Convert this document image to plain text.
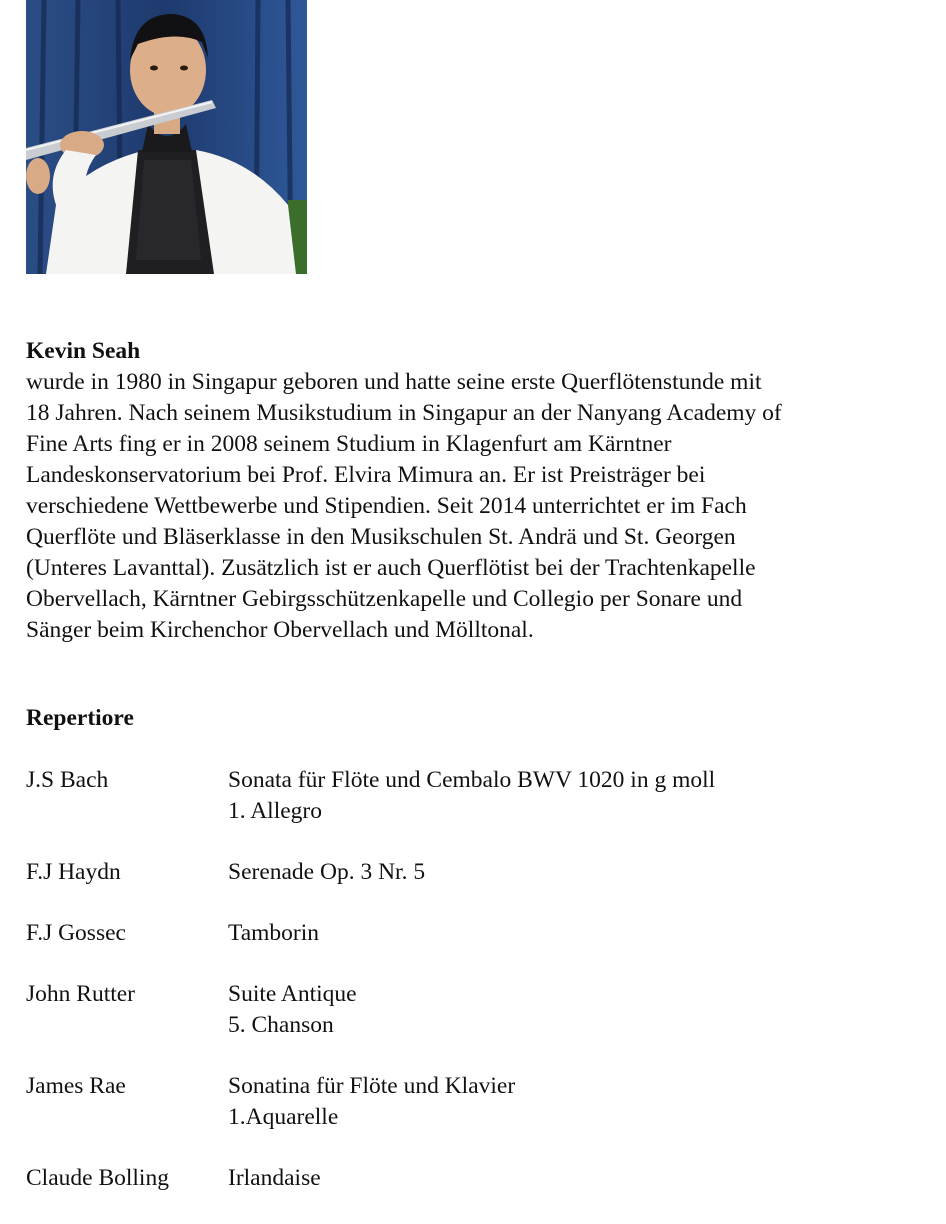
Kevin Seah

wurde in 1980 in Singapur geboren und hatte seine erste Querflötenstunde mit
18 Jahren. Nach seinem Musikstudium in Singapur an der Nanyang Academy of
Fine Arts fing er in 2008 seinem Studium in Klagenfurt am Kärntner
Landeskonservatorium bei Prof. Elvira Mimura an. Er ist Preisträger bei
verschiedene Wettbewerbe und Stipendien. Seit 2014 unterrichtet er im Fach
Querflöte und Bläserklasse in den Musikschulen St. Andrä und St. Georgen
(Unteres Lavanttal). Zusätzlich ist er auch Querflötist bei der Trachtenkapelle
Obervellach, Kärntner Gebirgsschützenkapelle und Collegio per Sonare und
Sänger beim Kirchenchor Obervellach und Mölltonal.

Repertiore

J.S Bach	Sonata für Flöte und Cembalo BWV 1020 in g moll
1. Allegro
F.J Haydn	Serenade Op. 3 Nr. 5
F.J Gossec	Tamborin
John Rutter	Suite Antique
5. Chanson
James Rae	Sonatina für Flöte und Klavier
1.Aquarelle
Claude Bolling	Irlandaise
